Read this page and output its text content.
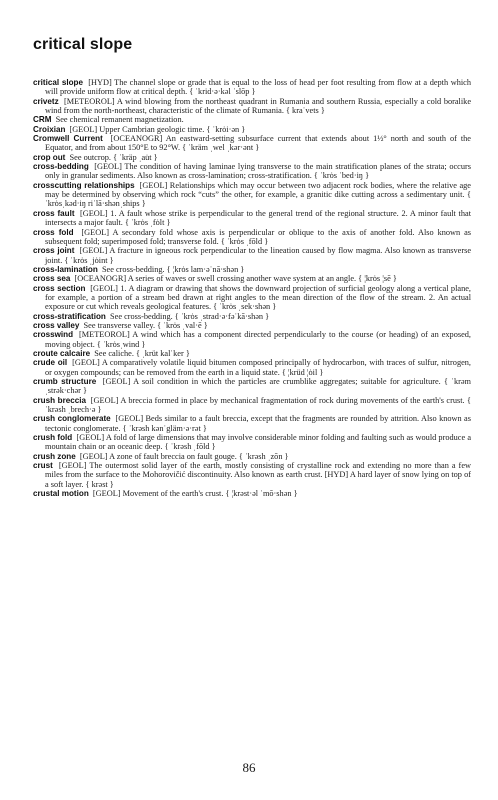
critical slope

critical slope [HYD] The channel slope or grade that is equal to the loss of head per foot resulting from flow at a depth which will provide uniform flow at critical depth. { ˈkrid·ə·kəl ˈslōp }

crivetz [METEOROL] A wind blowing from the northeast quadrant in Rumania and southern Russia, especially a cold boralike wind from the north-northeast, characteristic of the climate of Rumania. { kraˈvets }

CRM See chemical remanent magnetization.

Croixian [GEOL] Upper Cambrian geologic time. { ˈkrȯi·ən }

Cromwell Current [OCEANOGR] An eastward-setting subsurface current that extends about 1½° north and south of the Equator, and from about 150°E to 92°W. { ˈkräm ˌwel ˌkər·ənt }

crop out See outcrop. { ˈkräp ˌau̇t }

cross-bedding [GEOL] The condition of having laminae lying transverse to the main stratification planes of the strata; occurs only in granular sediments. Also known as cross-lamination; cross-stratification. { ˈkrȯs ˈbed·iŋ }

crosscutting relationships [GEOL] Relationships which may occur between two adjacent rock bodies, where the relative age may be determined by observing which rock “cuts” the other, for example, a granitic dike cutting across a sedimentary unit. { ˈkrȯsˌkəd·iŋ riˈlā·shənˌships }

cross fault [GEOL] 1. A fault whose strike is perpendicular to the general trend of the regional structure. 2. A minor fault that intersects a major fault. { ˈkrȯs ˌfȯlt }

cross fold [GEOL] A secondary fold whose axis is perpendicular or oblique to the axis of another fold. Also known as subsequent fold; superimposed fold; transverse fold. { ˈkrȯs ˌfōld }

cross joint [GEOL] A fracture in igneous rock perpendicular to the lineation caused by flow magma. Also known as transverse joint. { ˈkrȯs ˌjȯint }

cross-lamination See cross-bedding. { ¦krȯs lam·əˈnā·shən }

cross sea [OCEANOGR] A series of waves or swell crossing another wave system at an angle. { ¦krȯs ¦sē }

cross section [GEOL] 1. A diagram or drawing that shows the downward projection of surficial geology along a vertical plane, for example, a portion of a stream bed drawn at right angles to the mean direction of the flow of the stream. 2. An actual exposure or cut which reveals geological features. { ˈkrȯs ˌsek·shən }

cross-stratification See cross-bedding. { ˈkrȯs ˌstrad·ə·fəˈkā·shən }

cross valley See transverse valley. { ˈkrȯs ˌval·ē }

crosswind [METEOROL] A wind which has a component directed perpendicularly to the course (or heading) of an exposed, moving object. { ˈkrȯsˌwind }

croute calcaire See caliche. { ˌkrüt kalˈker }

crude oil [GEOL] A comparatively volatile liquid bitumen composed principally of hydrocarbon, with traces of sulfur, nitrogen, or oxygen compounds; can be removed from the earth in a liquid state. { ¦krüd ¦ȯil }

crumb structure [GEOL] A soil condition in which the particles are crumblike aggregates; suitable for agriculture. { ˈkrəm ˌstrək·chər }

crush breccia [GEOL] A breccia formed in place by mechanical fragmentation of rock during movements of the earth's crust. { ˈkrəsh ˌbrech·ə }

crush conglomerate [GEOL] Beds similar to a fault breccia, except that the fragments are rounded by attrition. Also known as tectonic conglomerate. { ˈkrəsh kənˈgläm·ə·rət }

crush fold [GEOL] A fold of large dimensions that may involve considerable minor folding and faulting such as would produce a mountain chain or an oceanic deep. { ˈkrəsh ˌfōld }

crush zone [GEOL] A zone of fault breccia on fault gouge. { ˈkrəsh ˌzōn }

crust [GEOL] The outermost solid layer of the earth, mostly consisting of crystalline rock and extending no more than a few miles from the surface to the Mohorovičić discontinuity. Also known as earth crust. [HYD] A hard layer of snow lying on top of a soft layer. { krəst }

crustal motion [GEOL] Movement of the earth's crust. { ¦krəst·əl ˈmō·shən }

86
